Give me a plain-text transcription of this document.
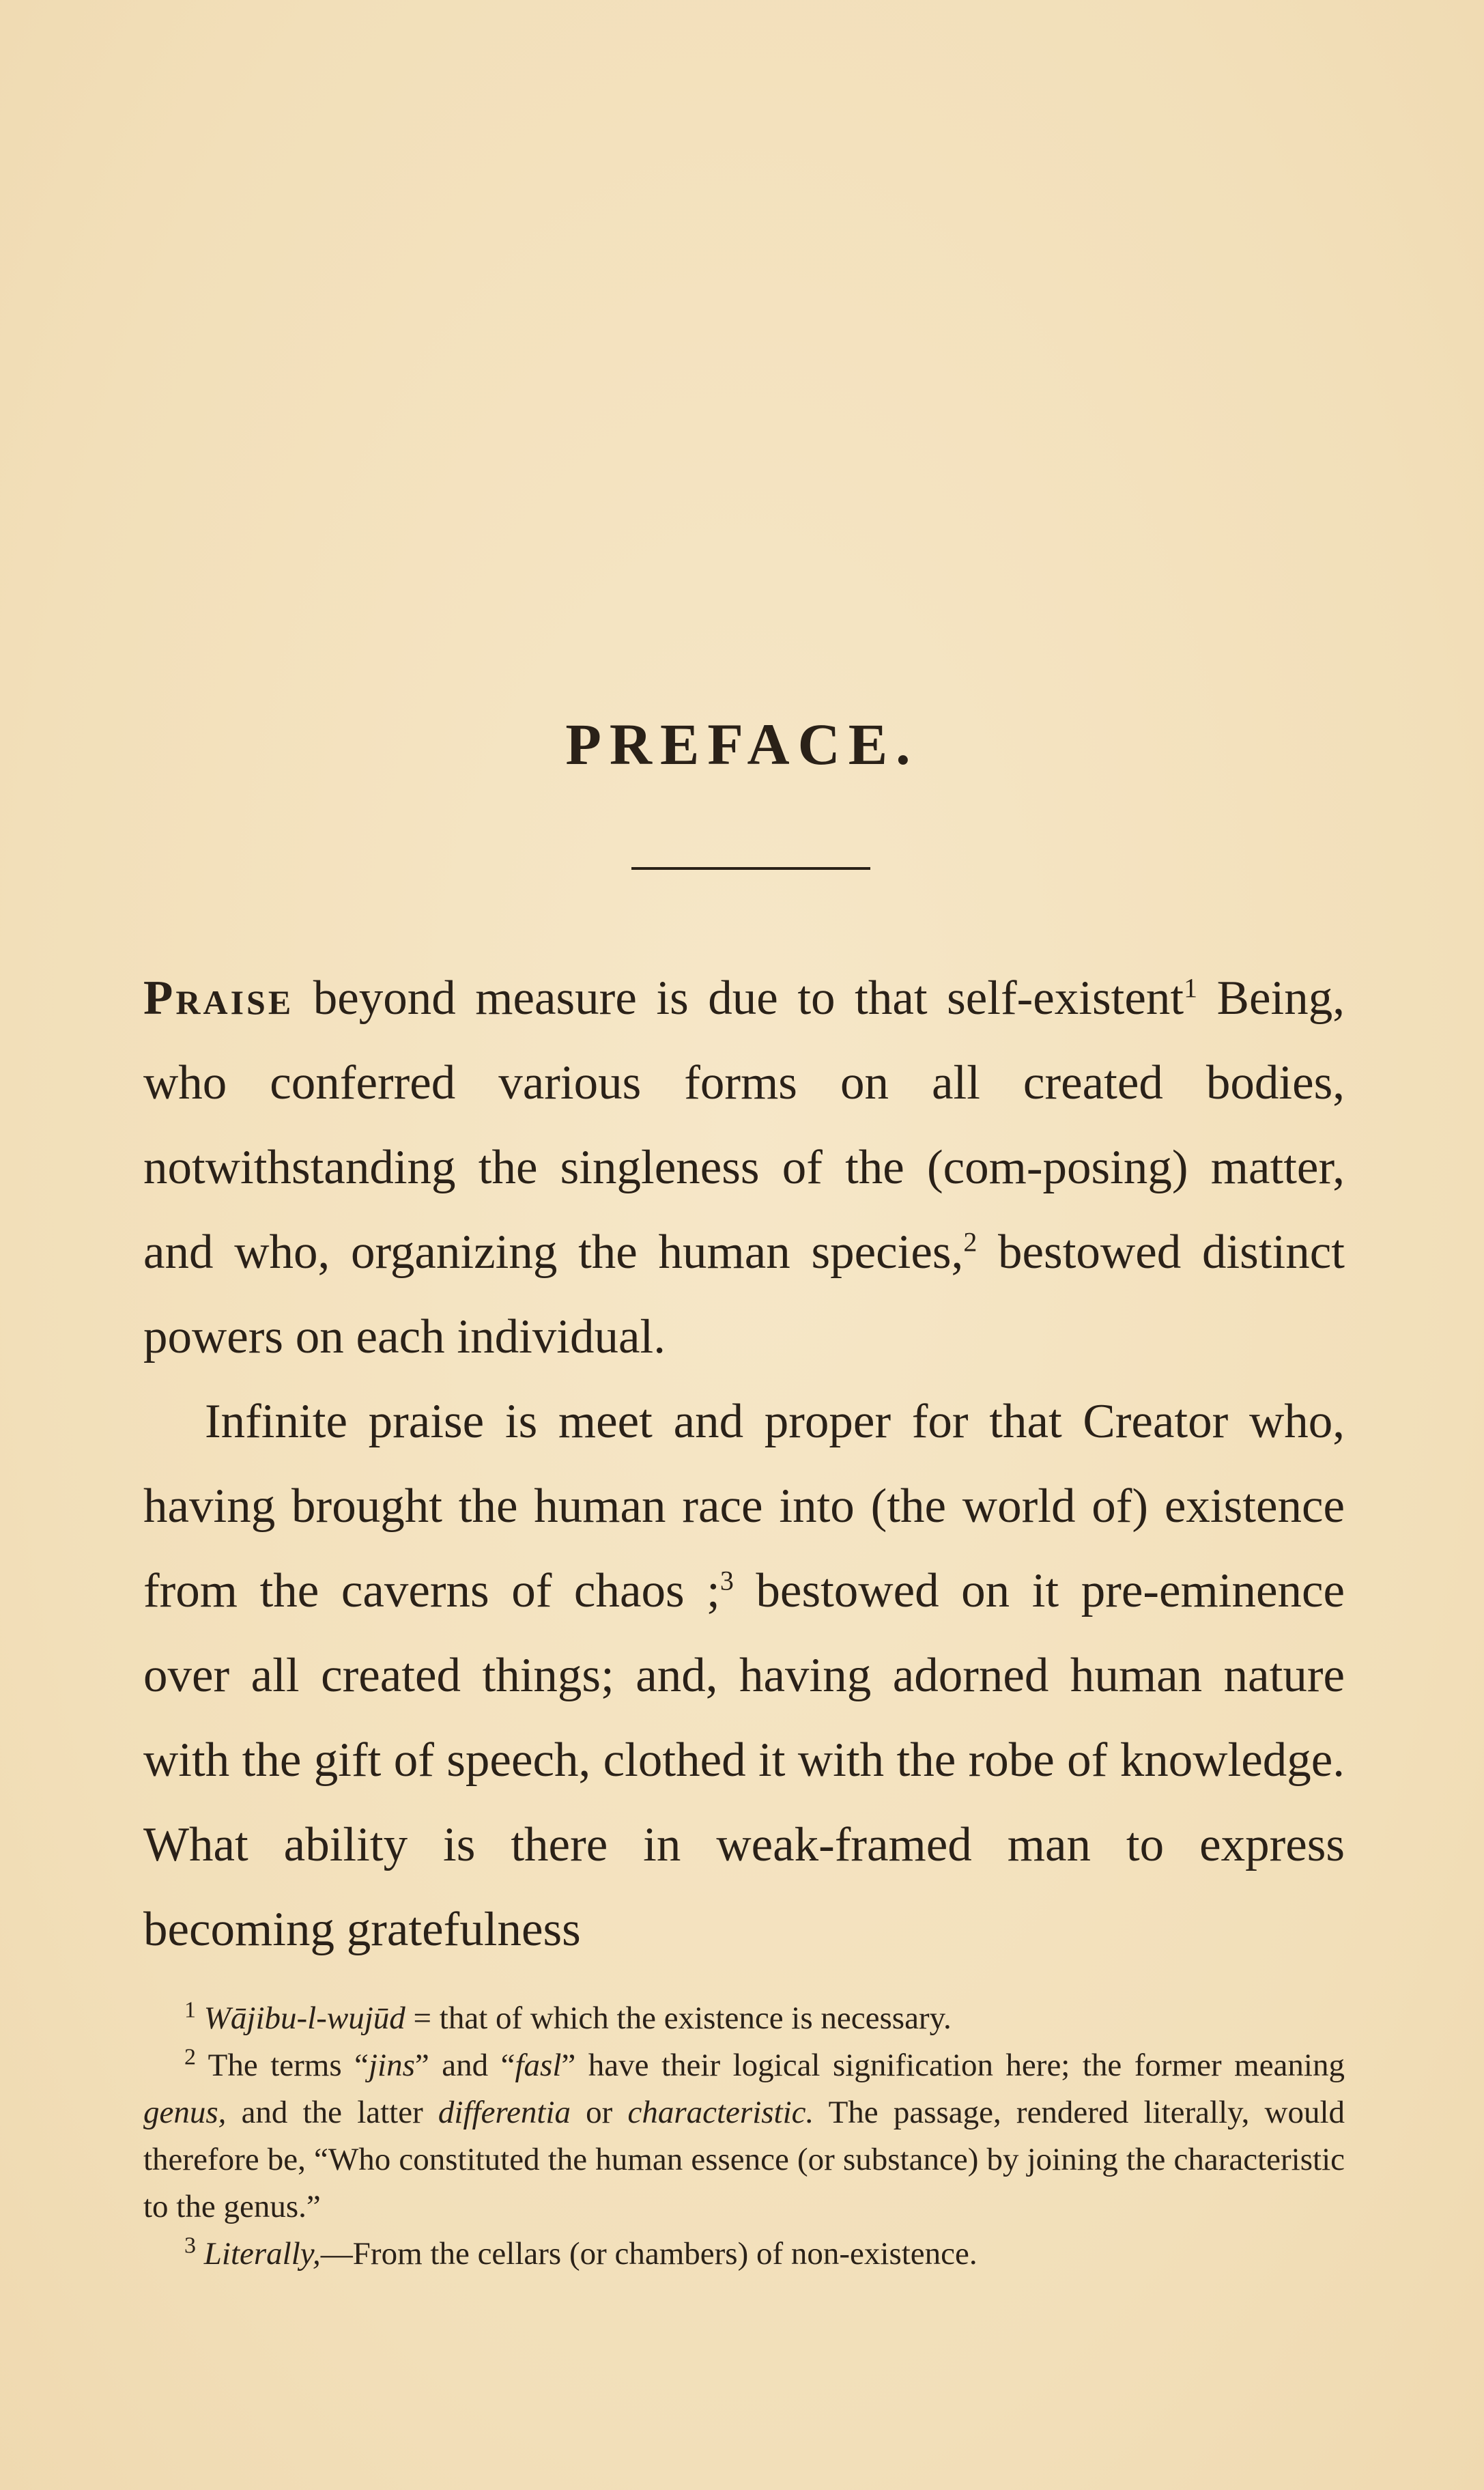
PREFACE.

Praise beyond measure is due to that self-existent$^1$ Being, who conferred various forms on all created bodies, notwithstanding the singleness of the (com-posing) matter, and who, organizing the human species,$^2$ bestowed distinct powers on each individual.

Infinite praise is meet and proper for that Creator who, having brought the human race into (the world of) existence from the caverns of chaos ;$^3$ bestowed on it pre-eminence over all created things; and, having adorned human nature with the gift of speech, clothed it with the robe of knowledge. What ability is there in weak-framed man to express becoming gratefulness

$^1$ Wājibu-l-wujūd = that of which the existence is necessary.

$^2$ The terms “jins” and “fasl” have their logical signification here; the former meaning genus, and the latter differentia or characteristic. The passage, rendered literally, would therefore be, “Who constituted the human essence (or substance) by joining the characteristic to the genus.”

$^3$ Literally,—From the cellars (or chambers) of non-existence.
